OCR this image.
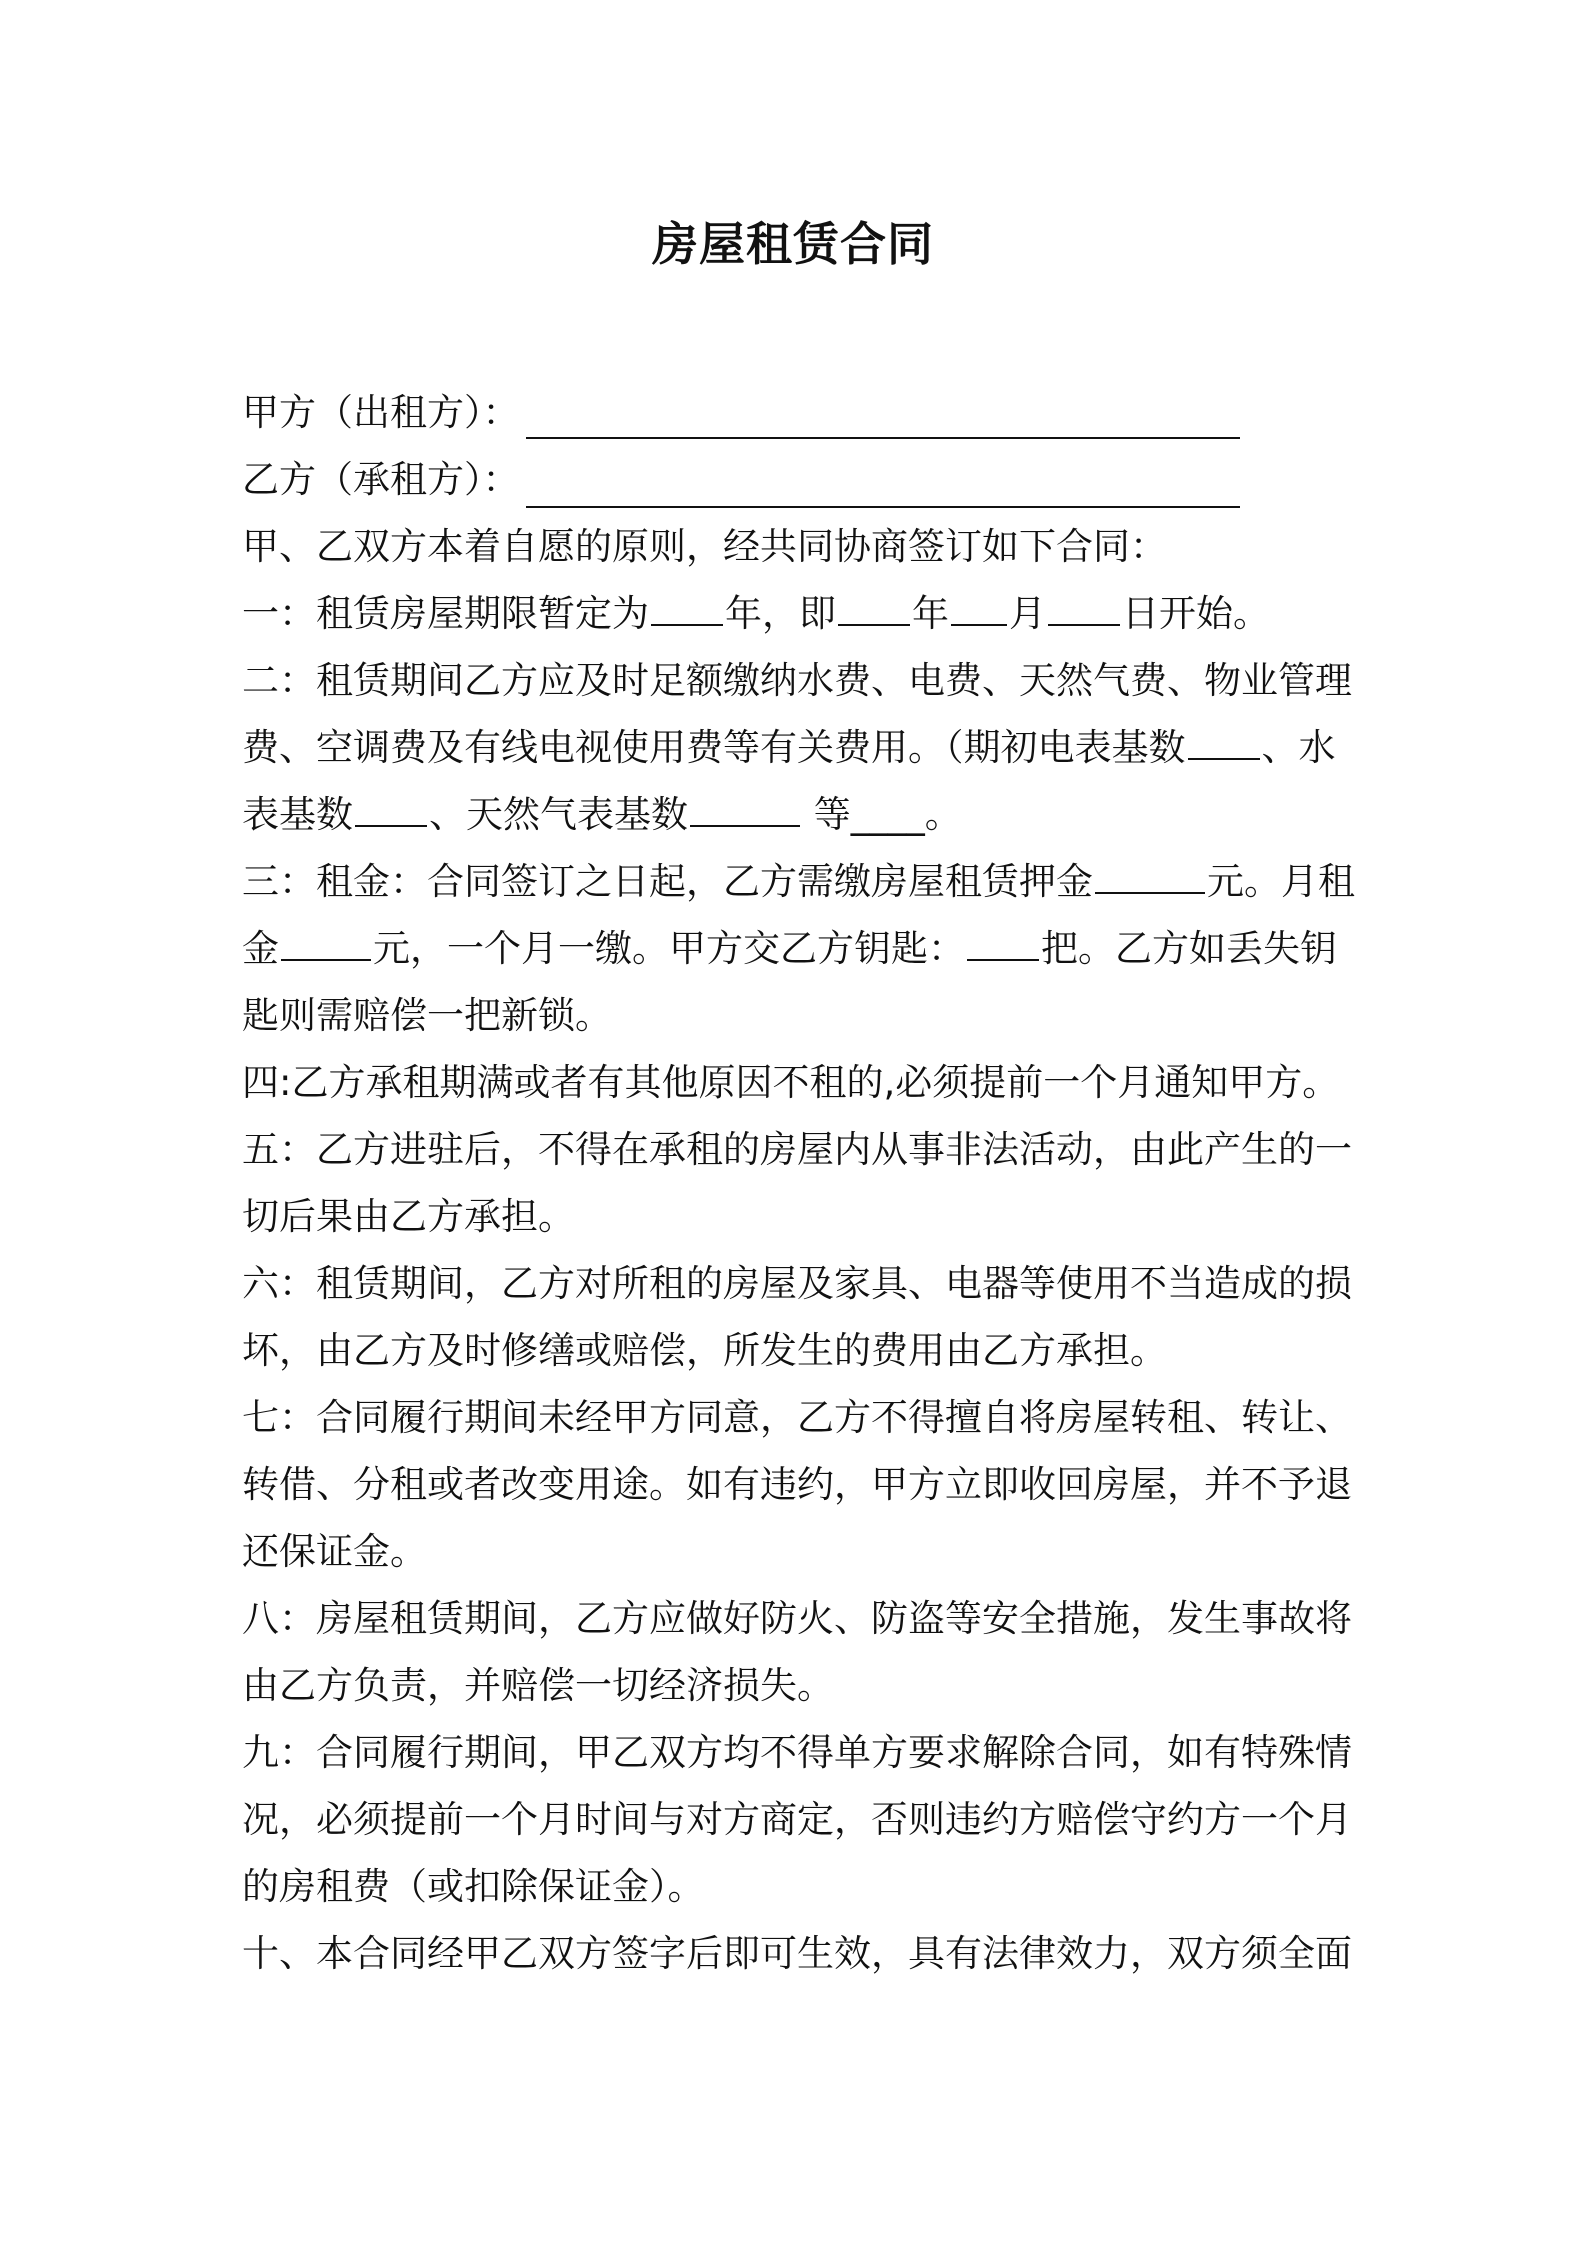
房屋租赁合同
甲方（出租方）：
乙方（承租方）：
甲、乙双方本着自愿的原则，经共同协商签订如下合同：
一：租赁房屋期限暂定为 年，即 年 月 日开始。
二：租赁期间乙方应及时足额缴纳水费、电费、天然气费、物业管理
费、空调费及有线电视使用费等有关费用。（期初电表基数 、水
表基数 、天然气表基数	等____。
三：租金：合同签订之日起，乙方需缴房屋租赁押金	元。月租
金	元，一个月一缴。甲方交乙方钥匙： 把。乙方如丢失钥
匙则需赔偿一把新锁。
四:乙方承租期满或者有其他原因不租的,必须提前一个月通知甲方。
五：乙方进驻后，不得在承租的房屋内从事非法活动，由此产生的一
切后果由乙方承担。
六：租赁期间，乙方对所租的房屋及家具、电器等使用不当造成的损
坏，由乙方及时修缮或赔偿，所发生的费用由乙方承担。
七：合同履行期间未经甲方同意，乙方不得擅自将房屋转租、转让、
转借、分租或者改变用途。如有违约，甲方立即收回房屋，并不予退
还保证金。
八：房屋租赁期间，乙方应做好防火、防盗等安全措施，发生事故将
由乙方负责，并赔偿一切经济损失。
九：合同履行期间，甲乙双方均不得单方要求解除合同，如有特殊情
况，必须提前一个月时间与对方商定，否则违约方赔偿守约方一个月
的房租费（或扣除保证金）。
十、本合同经甲乙双方签字后即可生效，具有法律效力，双方须全面
